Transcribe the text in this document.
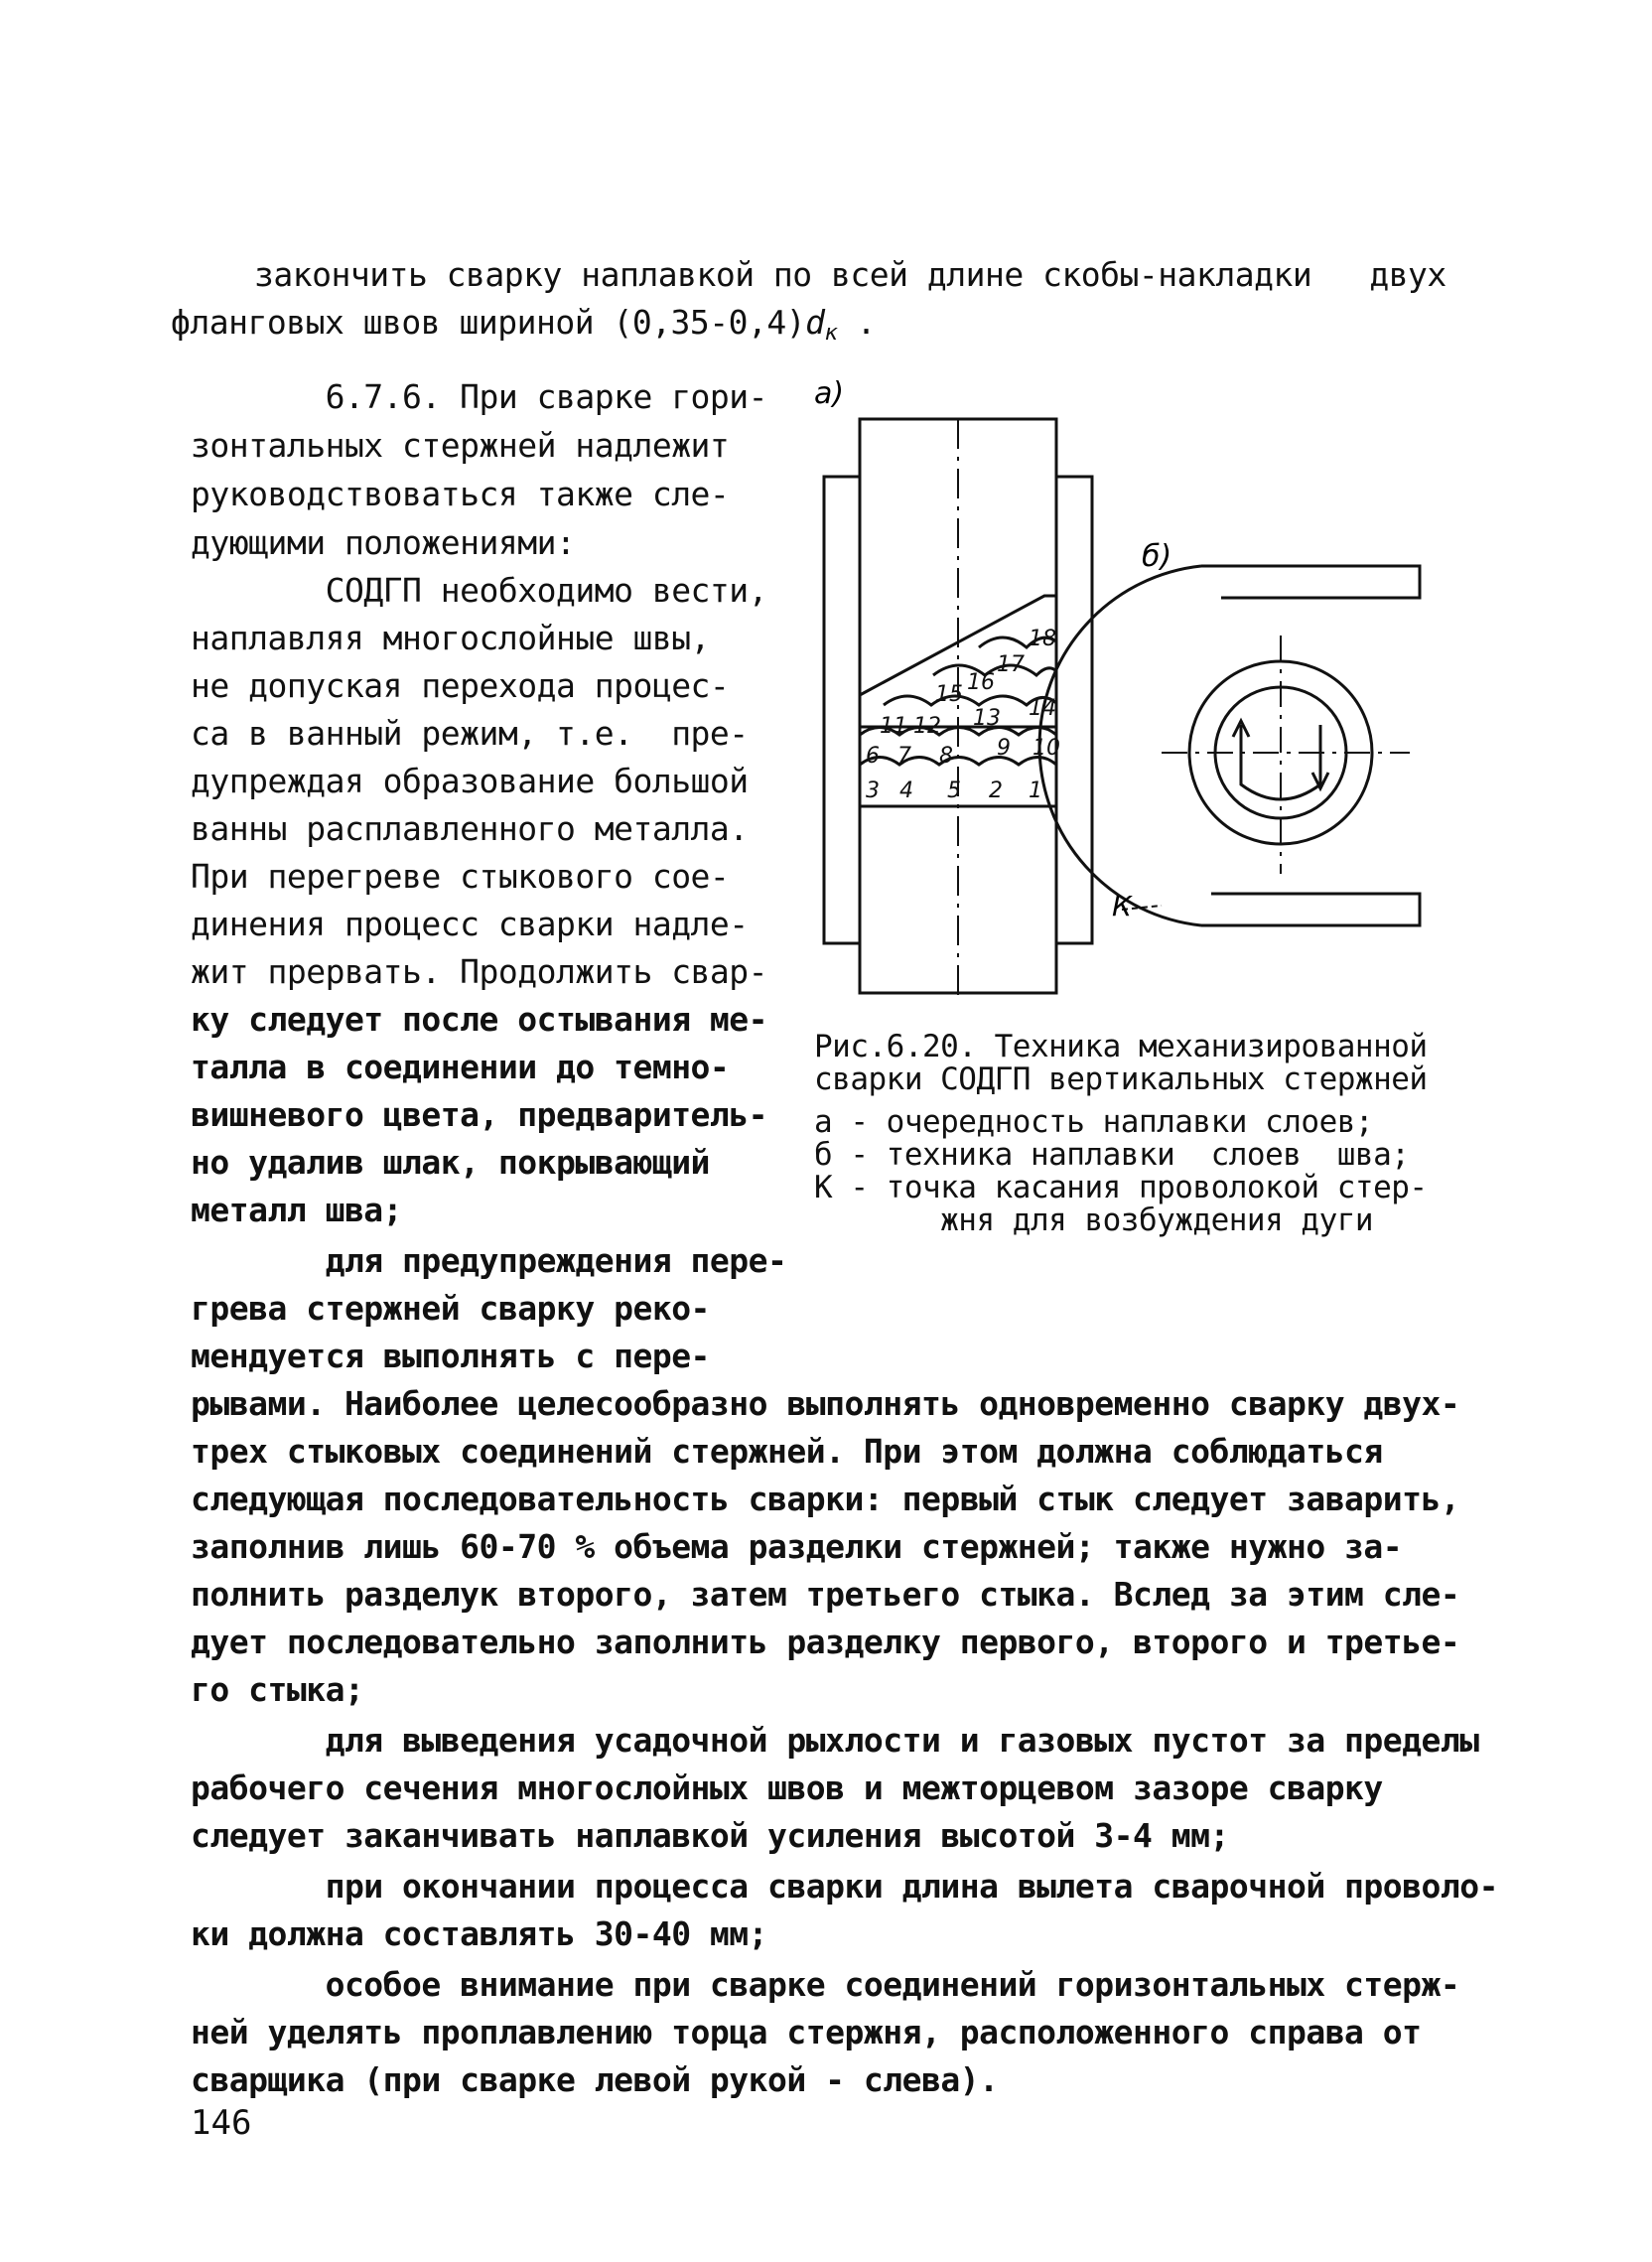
закончить сварку наплавкой по всей длине скобы-накладки   двух

фланговых швов шириной $(0,35-0,4)d_к$ .

6.7.6. При сварке гори-

зонтальных стержней надлежит

руководствоваться также сле-

дующими положениями:

СОДГП необходимо вести,

наплавляя многослойные швы,

не допуская перехода процес-

са в ванный режим, т.е.  пре-

дупреждая образование большой

ванны расплавленного металла.

При перегреве стыкового сое-

динения процесс сварки надле-

жит прервать. Продолжить свар-

ку следует после остывания ме-

талла в соединении до темно-

вишневого цвета, предваритель-

но удалив шлак, покрывающий

металл шва;

для предупреждения пере-

грева стержней сварку реко-

мендуется выполнять с пере-

а)
б)
К
1
2
3 4 5
6 7 8 9 10
11 12 13 14
15 16
17
18

Рис.6.20. Техника механизированной
сварки СОДГП вертикальных стержней
а - очередность наплавки слоев;
б - техника наплавки  слоев  шва;
К - точка касания проволокой стер-
жня для возбуждения дуги

рывами. Наиболее целесообразно выполнять одновременно сварку двух-

трех стыковых соединений стержней. При этом должна соблюдаться

следующая последовательность сварки: первый стык следует заварить,

заполнив лишь 60-70 % объема разделки стержней; также нужно за-

полнить разделук второго, затем третьего стыка. Вслед за этим сле-

дует последовательно заполнить разделку первого, второго и третье-

го стыка;

для выведения усадочной рыхлости и газовых пустот за пределы

рабочего сечения многослойных швов и межторцевом зазоре сварку

следует заканчивать наплавкой усиления высотой 3-4 мм;

при окончании процесса сварки длина вылета сварочной проволо-

ки должна составлять 30-40 мм;

особое внимание при сварке соединений горизонтальных стерж-

ней уделять проплавлению торца стержня, расположенного справа от

сварщика (при сварке левой рукой - слева).

146
